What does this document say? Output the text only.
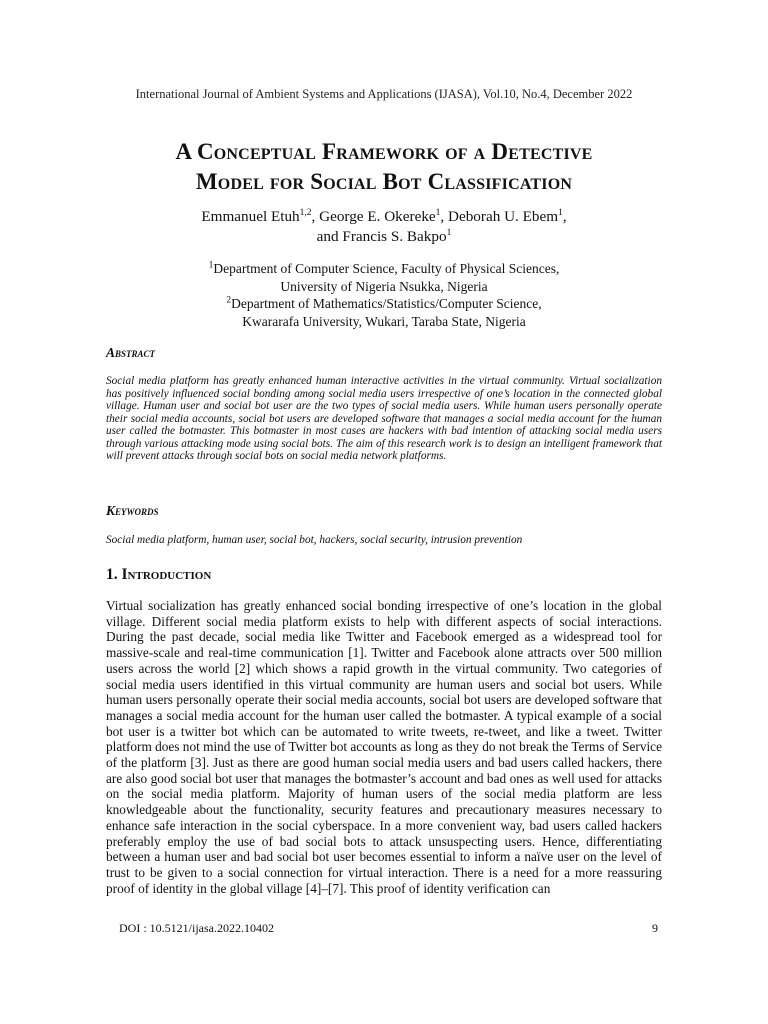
International Journal of Ambient Systems and Applications (IJASA), Vol.10, No.4, December 2022
A Conceptual Framework of a Detective
Model for Social Bot Classification
Emmanuel Etuh$^{1,2}$, George E. Okereke$^1$, Deborah U. Ebem$^1$,
and Francis S. Bakpo$^1$
$^1$Department of Computer Science, Faculty of Physical Sciences,
University of Nigeria Nsukka, Nigeria
$^2$Department of Mathematics/Statistics/Computer Science,
Kwararafa University, Wukari, Taraba State, Nigeria
Abstract

Social media platform has greatly enhanced human interactive activities in the virtual community. Virtual socialization has positively influenced social bonding among social media users irrespective of one’s location in the connected global village. Human user and social bot user are the two types of social media users. While human users personally operate their social media accounts, social bot users are developed software that manages a social media account for the human user called the botmaster. This botmaster in most cases are hackers with bad intention of attacking social media users through various attacking mode using social bots. The aim of this research work is to design an intelligent framework that will prevent attacks through social bots on social media network platforms.

Keywords

Social media platform, human user, social bot, hackers, social security, intrusion prevention

1. Introduction

Virtual socialization has greatly enhanced social bonding irrespective of one’s location in the global village. Different social media platform exists to help with different aspects of social interactions. During the past decade, social media like Twitter and Facebook emerged as a widespread tool for massive-scale and real-time communication [1]. Twitter and Facebook alone attracts over 500 million users across the world [2] which shows a rapid growth in the virtual community. Two categories of social media users identified in this virtual community are human users and social bot users. While human users personally operate their social media accounts, social bot users are developed software that manages a social media account for the human user called the botmaster. A typical example of a social bot user is a twitter bot which can be automated to write tweets, re-tweet, and like a tweet. Twitter platform does not mind the use of Twitter bot accounts as long as they do not break the Terms of Service of the platform [3]. Just as there are good human social media users and bad users called hackers, there are also good social bot user that manages the botmaster’s account and bad ones as well used for attacks on the social media platform. Majority of human users of the social media platform are less knowledgeable about the functionality, security features and precautionary measures necessary to enhance safe interaction in the social cyberspace. In a more convenient way, bad users called hackers preferably employ the use of bad social bots to attack unsuspecting users. Hence, differentiating between a human user and bad social bot user becomes essential to inform a naïve user on the level of trust to be given to a social connection for virtual interaction. There is a need for a more reassuring proof of identity in the global village [4]–[7]. This proof of identity verification can

DOI : 10.5121/ijasa.2022.10402	9
